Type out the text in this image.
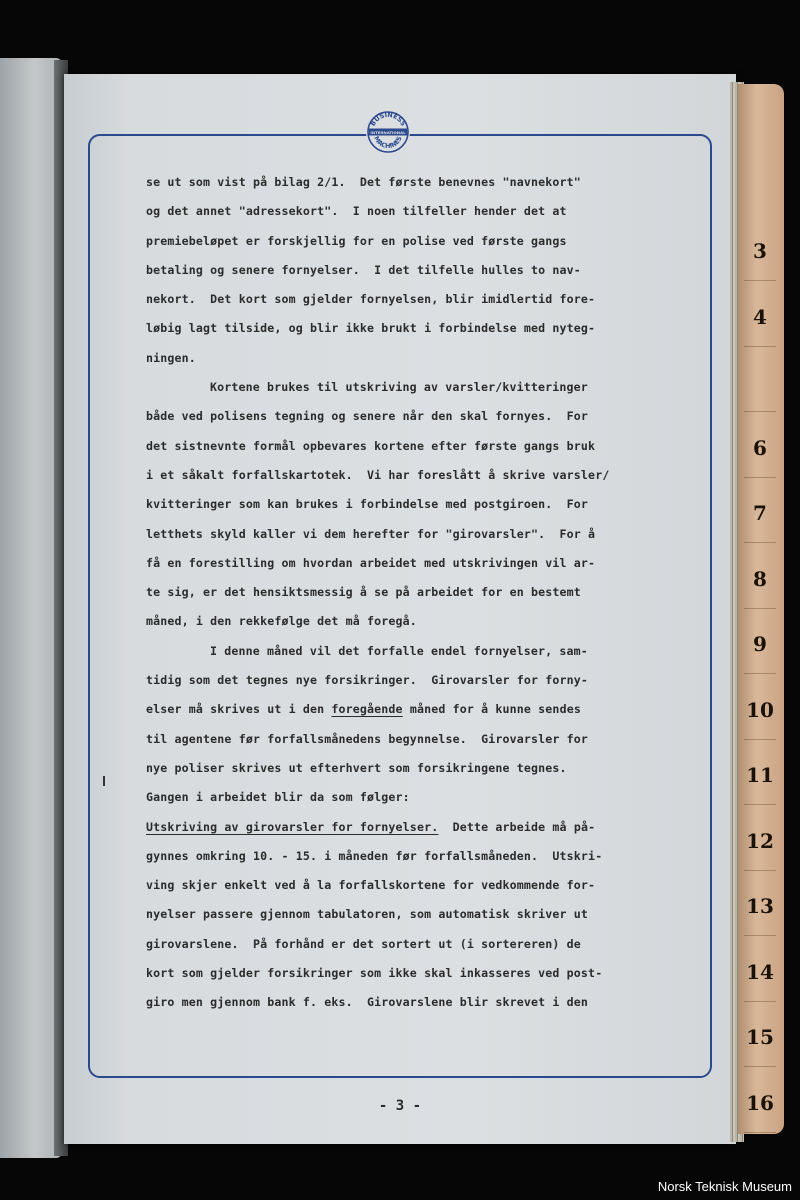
3
4
6
7
8
9
10
11
12
13
14
15
16
BUSINESS
INTERNATIONAL
MACHINES
se ut som vist på bilag 2/1.  Det første benevnes "navnekort"
og det annet "adressekort".  I noen tilfeller hender det at
premiebeløpet er forskjellig for en polise ved første gangs
betaling og senere fornyelser.  I det tilfelle hulles to nav-
nekort.  Det kort som gjelder fornyelsen, blir imidlertid fore-
løbig lagt tilside, og blir ikke brukt i forbindelse med nyteg-
ningen.
Kortene brukes til utskriving av varsler/kvitteringer
både ved polisens tegning og senere når den skal fornyes.  For
det sistnevnte formål opbevares kortene efter første gangs bruk
i et såkalt forfallskartotek.  Vi har foreslått å skrive varsler/
kvitteringer som kan brukes i forbindelse med postgiroen.  For
letthets skyld kaller vi dem herefter for "girovarsler".  For å
få en forestilling om hvordan arbeidet med utskrivingen vil ar-
te sig, er det hensiktsmessig å se på arbeidet for en bestemt
måned, i den rekkefølge det må foregå.
I denne måned vil det forfalle endel fornyelser, sam-
tidig som det tegnes nye forsikringer.  Girovarsler for forny-
elser må skrives ut i den foregående måned for å kunne sendes
til agentene før forfallsmånedens begynnelse.  Girovarsler for
nye poliser skrives ut efterhvert som forsikringene tegnes.
Gangen i arbeidet blir da som følger:
Utskriving av girovarsler for fornyelser.  Dette arbeide må på-
gynnes omkring 10. - 15. i måneden før forfallsmåneden.  Utskri-
ving skjer enkelt ved å la forfallskortene for vedkommende for-
nyelser passere gjennom tabulatoren, som automatisk skriver ut
girovarslene.  På forhånd er det sortert ut (i sortereren) de
kort som gjelder forsikringer som ikke skal inkasseres ved post-
giro men gjennom bank f. eks.  Girovarslene blir skrevet i den
- 3 -
Norsk Teknisk Museum
